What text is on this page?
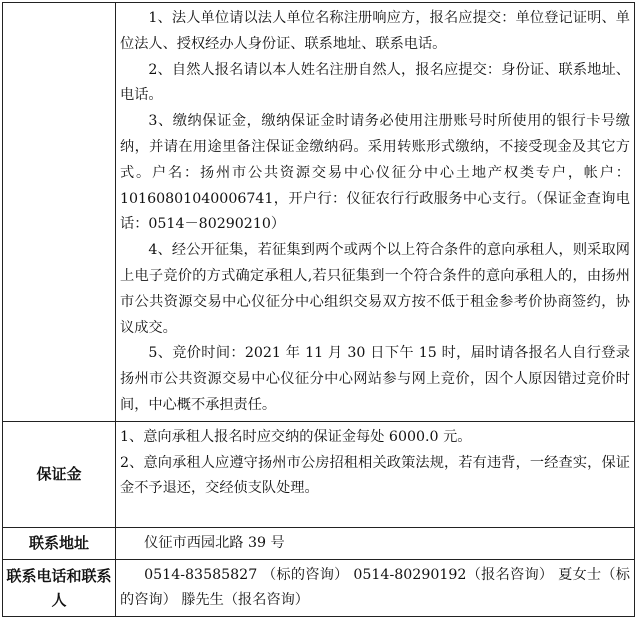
	1、法人单位请以法人单位名称注册响应方，报名应提交：单位登记证明、单位法人、授权经办人身份证、联系地址、联系电话。

2、自然人报名请以本人姓名注册自然人，报名应提交：身份证、联系地址、电话。

3、缴纳保证金，缴纳保证金时请务必使用注册账号时所使用的银行卡号缴纳，并请在用途里备注保证金缴纳码。采用转账形式缴纳，不接受现金及其它方式。户名：扬州市公共资源交易中心仪征分中心土地产权类专户，帐户：10160801040006741，开户行：仪征农行行政服务中心支行。（保证金查询电话：0514－80290210）

4、经公开征集，若征集到两个或两个以上符合条件的意向承租人，则采取网上电子竞价的方式确定承租人,若只征集到一个符合条件的意向承租人的，由扬州市公共资源交易中心仪征分中心组织交易双方按不低于租金参考价协商签约，协议成交。

5、竞价时间：2021 年 11 月 30 日下午 15 时，届时请各报名人自行登录扬州市公共资源交易中心仪征分中心网站参与网上竞价，因个人原因错过竞价时间，中心概不承担责任。

保证金	1、意向承租人报名时应交纳的保证金每处 6000.0 元。

2、意向承租人应遵守扬州市公房招租相关政策法规，若有违背，一经查实，保证金不予退还，交经侦支队处理。

联系地址	仪征市西园北路 39 号

联系电话和联系人	0514-83585827 （标的咨询） 0514-80290192（报名咨询） 夏女士（标的咨询） 滕先生（报名咨询）
